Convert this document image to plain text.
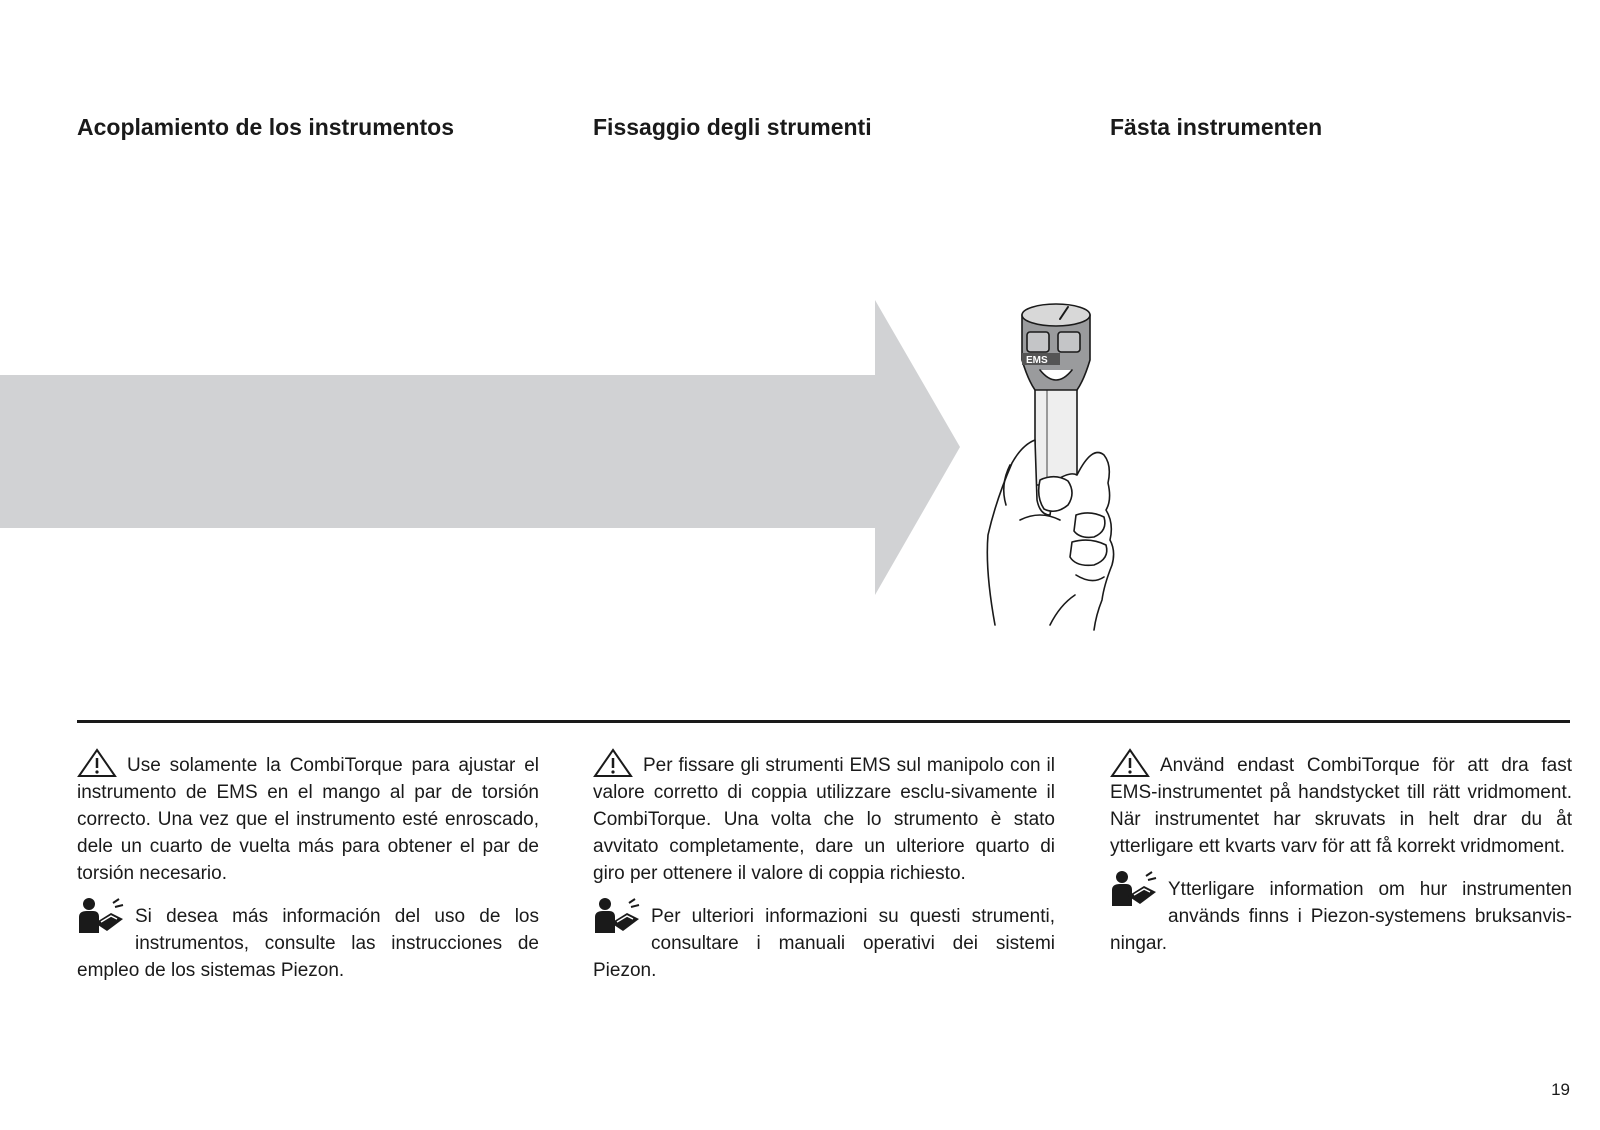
Acoplamiento de los instrumentos	Fissaggio degli strumenti	Fästa instrumenten
EMS

Use solamente la CombiTorque para ajustar el instrumento de EMS en el mango al par de torsión correcto. Una vez que el instrumento esté enroscado, dele un cuarto de vuelta más para obtener el par de torsión necesario.

Si desea más información del uso de los instrumentos, consulte las instrucciones de empleo de los sistemas Piezon.

Per fissare gli strumenti EMS sul manipolo con il valore corretto di coppia utilizzare esclu-sivamente il CombiTorque. Una volta che lo strumento è stato avvitato completamente, dare un ulteriore quarto di giro per ottenere il valore di coppia richiesto.

Per ulteriori informazioni su questi strumenti, consultare i manuali operativi dei sistemi Piezon.

Använd endast CombiTorque för att dra fast EMS-instrumentet på handstycket till rätt vridmoment. När instrumentet har skruvats in helt drar du åt ytterligare ett kvarts varv för att få korrekt vridmoment.

Ytterligare information om hur instrumenten används finns i Piezon-systemens bruksanvis-ningar.

19
